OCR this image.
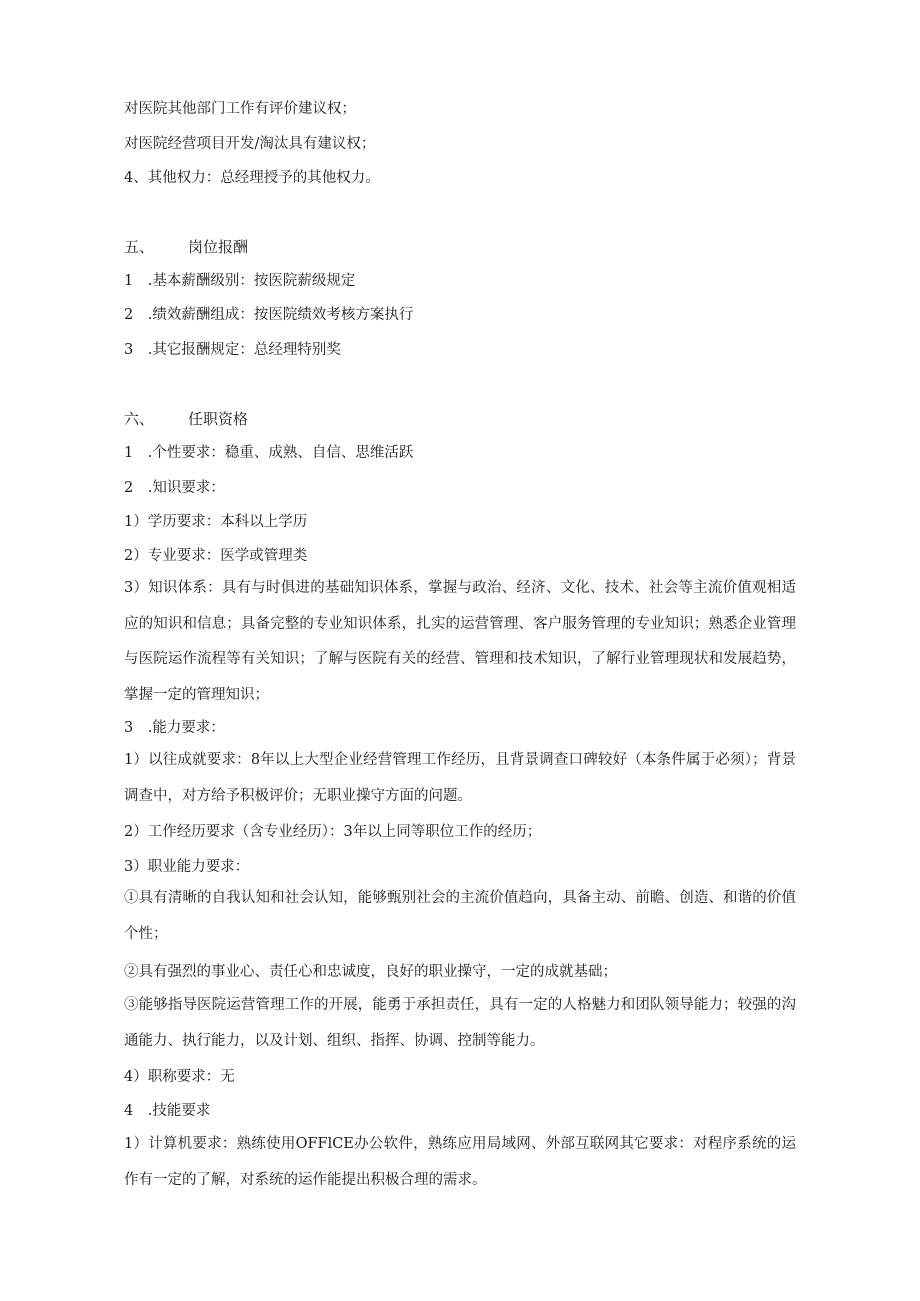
对医院其他部门工作有评价建议权；
对医院经营项目开发/淘汰具有建议权；
4、其他权力：总经理授予的其他权力。
五、 岗位报酬
1　.基本薪酬级别：按医院薪级规定
2　.绩效薪酬组成：按医院绩效考核方案执行
3　.其它报酬规定：总经理特别奖
六、 任职资格
1　.个性要求：稳重、成熟、自信、思维活跃
2　.知识要求：
1）学历要求：本科以上学历
2）专业要求：医学或管理类
3）知识体系：具有与时俱进的基础知识体系，掌握与政治、经济、文化、技术、社会等主流价值观相适应的知识和信息；具备完整的专业知识体系，扎实的运营管理、客户服务管理的专业知识；熟悉企业管理与医院运作流程等有关知识；了解与医院有关的经营、管理和技术知识，了解行业管理现状和发展趋势，掌握一定的管理知识；
3　.能力要求：
1）以往成就要求：8年以上大型企业经营管理工作经历，且背景调查口碑较好（本条件属于必须）；背景调查中，对方给予积极评价；无职业操守方面的问题。
2）工作经历要求（含专业经历）：3年以上同等职位工作的经历；
3）职业能力要求：
①具有清晰的自我认知和社会认知，能够甄别社会的主流价值趋向，具备主动、前瞻、创造、和谐的价值个性；
②具有强烈的事业心、责任心和忠诚度，良好的职业操守，一定的成就基础；
③能够指导医院运营管理工作的开展，能勇于承担责任，具有一定的人格魅力和团队领导能力；较强的沟通能力、执行能力，以及计划、组织、指挥、协调、控制等能力。
4）职称要求：无
4　.技能要求
1）计算机要求：熟练使用OFFlCE办公软件，熟练应用局域网、外部互联网其它要求：对程序系统的运作有一定的了解，对系统的运作能提出积极合理的需求。
